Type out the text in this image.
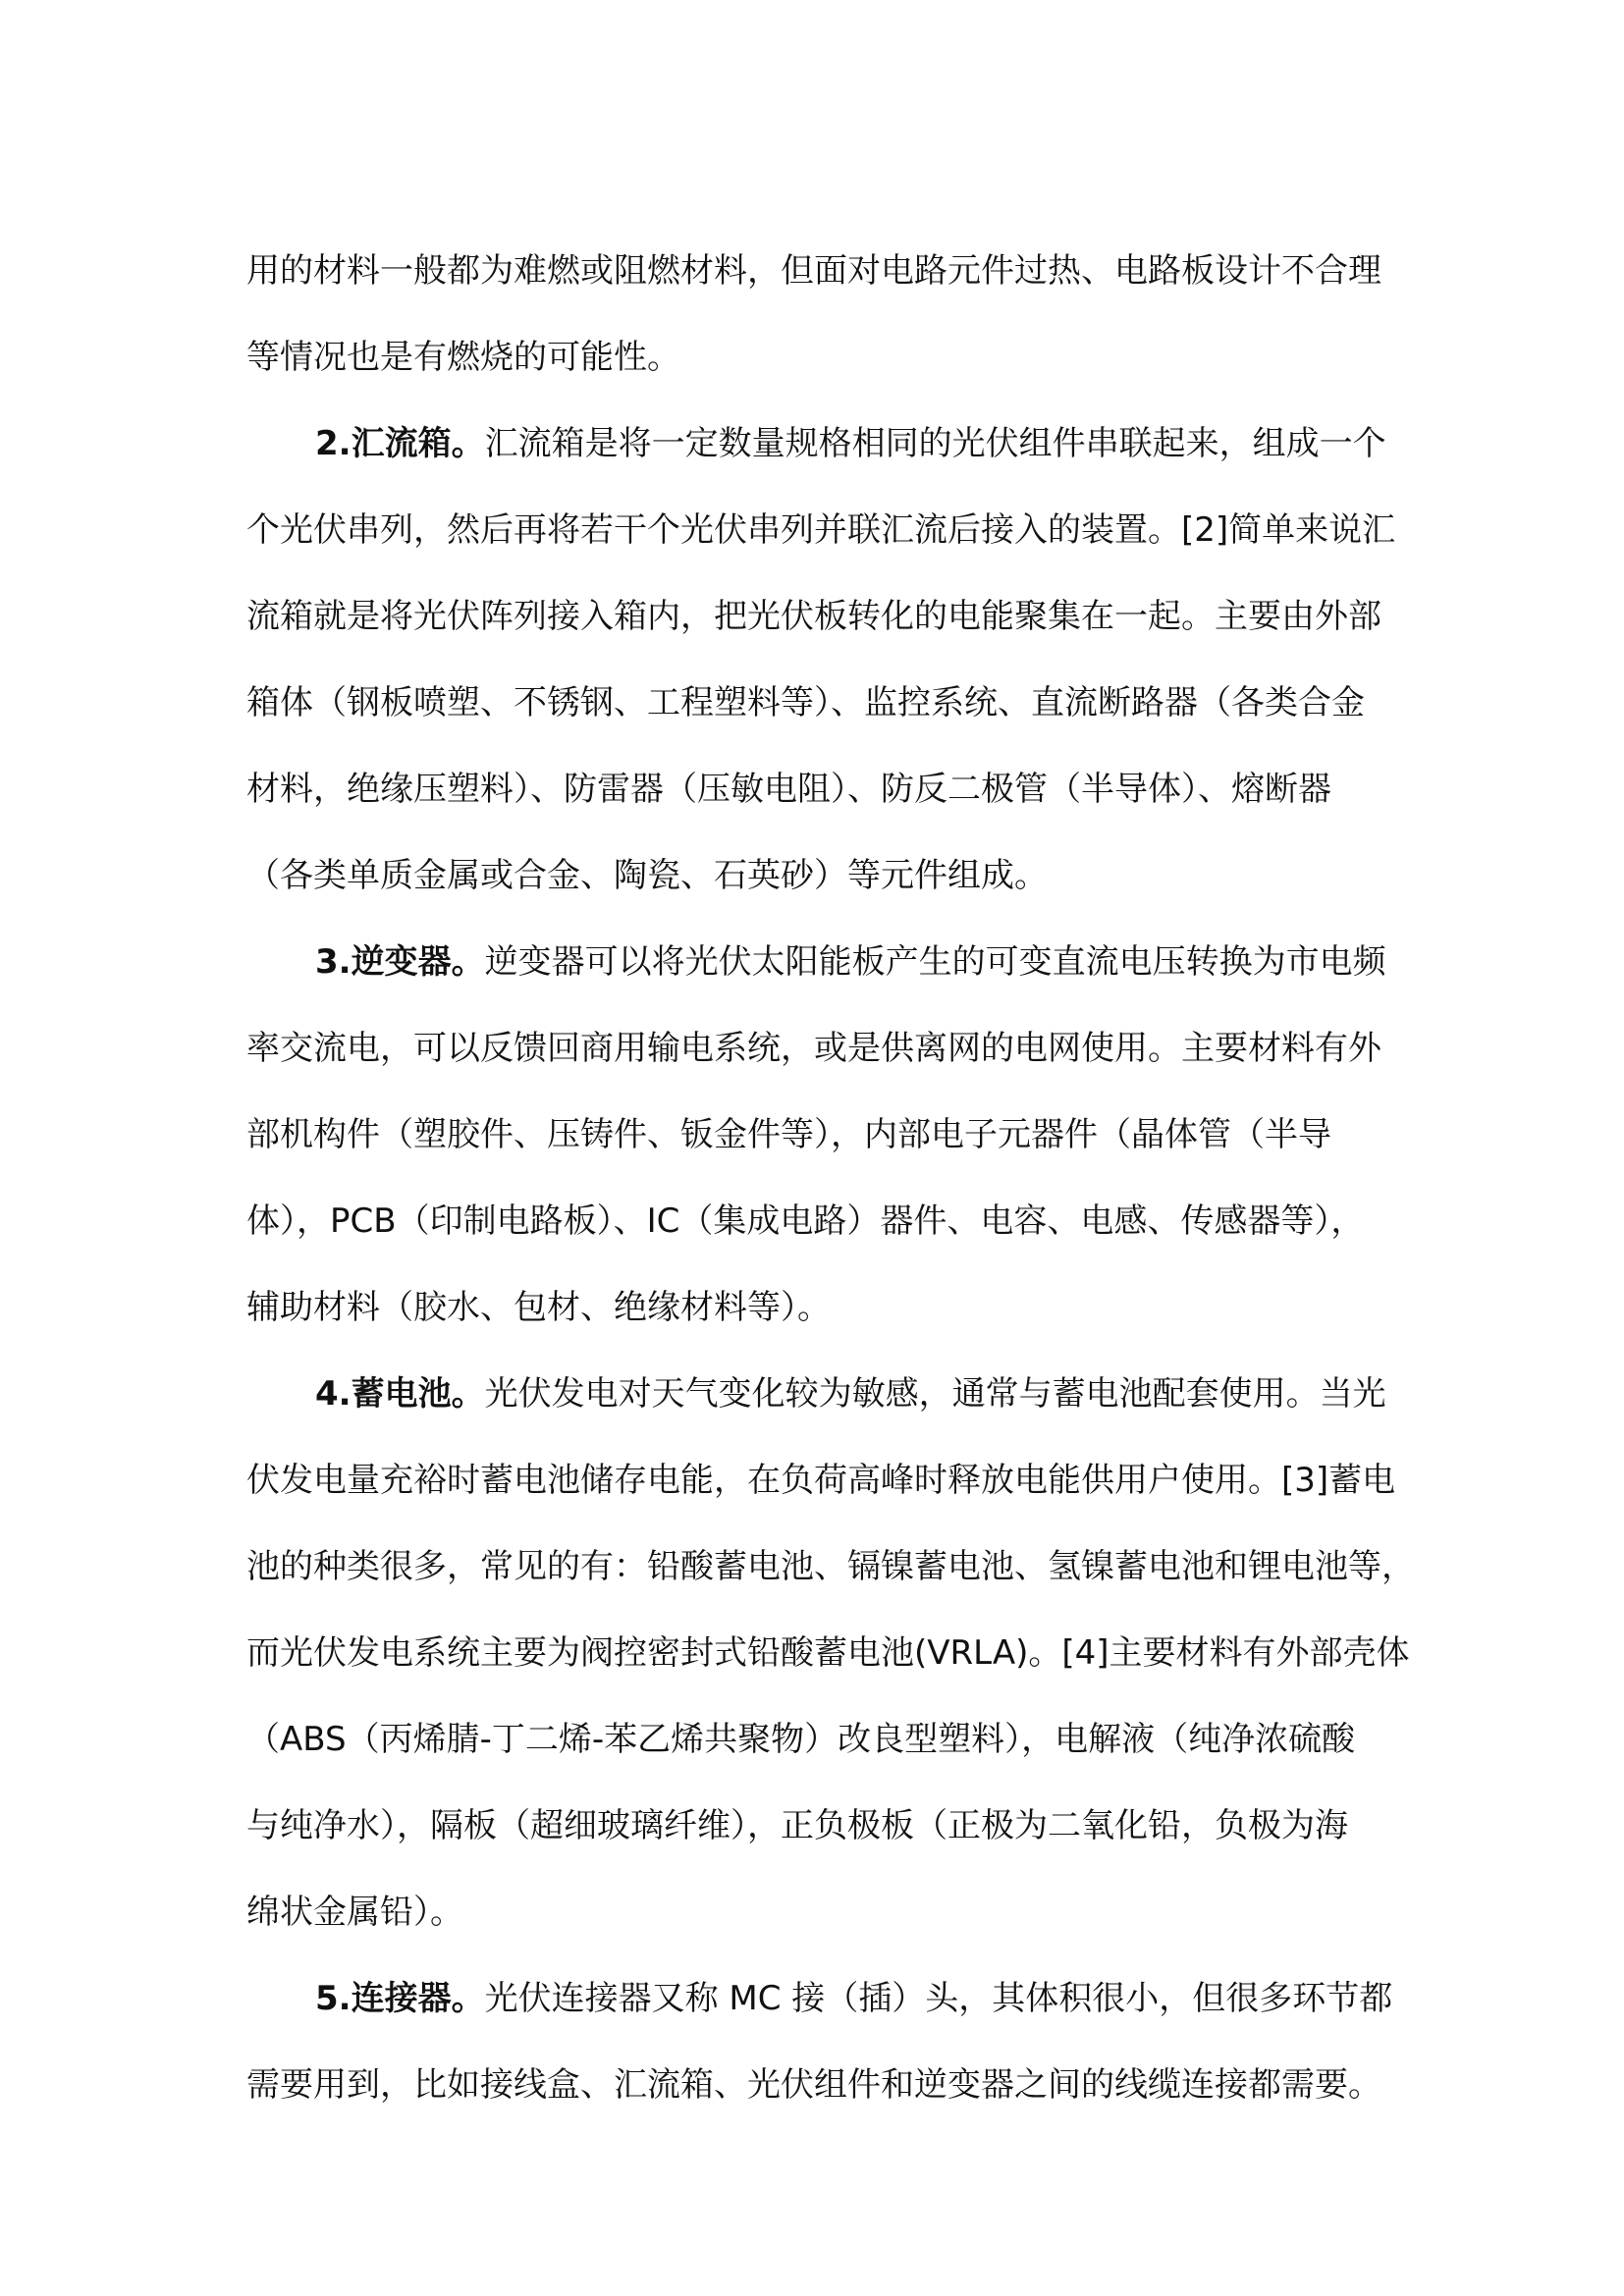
用的材料一般都为难燃或阻燃材料，但面对电路元件过热、电路板设计不合理
等情况也是有燃烧的可能性。
2.汇流箱。汇流箱是将一定数量规格相同的光伏组件串联起来，组成一个
个光伏串列，然后再将若干个光伏串列并联汇流后接入的装置。[2]简单来说汇
流箱就是将光伏阵列接入箱内，把光伏板转化的电能聚集在一起。主要由外部
箱体（钢板喷塑、不锈钢、工程塑料等）、监控系统、直流断路器（各类合金
材料，绝缘压塑料）、防雷器（压敏电阻）、防反二极管（半导体）、熔断器
（各类单质金属或合金、陶瓷、石英砂）等元件组成。
3.逆变器。逆变器可以将光伏太阳能板产生的可变直流电压转换为市电频
率交流电，可以反馈回商用输电系统，或是供离网的电网使用。主要材料有外
部机构件（塑胶件、压铸件、钣金件等），内部电子元器件（晶体管（半导
体），PCB（印制电路板）、IC（集成电路）器件、电容、电感、传感器等），
辅助材料（胶水、包材、绝缘材料等）。
4.蓄电池。光伏发电对天气变化较为敏感，通常与蓄电池配套使用。当光
伏发电量充裕时蓄电池储存电能，在负荷高峰时释放电能供用户使用。[3]蓄电
池的种类很多，常见的有：铅酸蓄电池、镉镍蓄电池、氢镍蓄电池和锂电池等，
而光伏发电系统主要为阀控密封式铅酸蓄电池(VRLA)。[4]主要材料有外部壳体
（ABS（丙烯腈-丁二烯-苯乙烯共聚物）改良型塑料），电解液（纯净浓硫酸
与纯净水），隔板（超细玻璃纤维），正负极板（正极为二氧化铅，负极为海
绵状金属铅）。
5.连接器。光伏连接器又称 MC 接（插）头，其体积很小，但很多环节都
需要用到，比如接线盒、汇流箱、光伏组件和逆变器之间的线缆连接都需要。
